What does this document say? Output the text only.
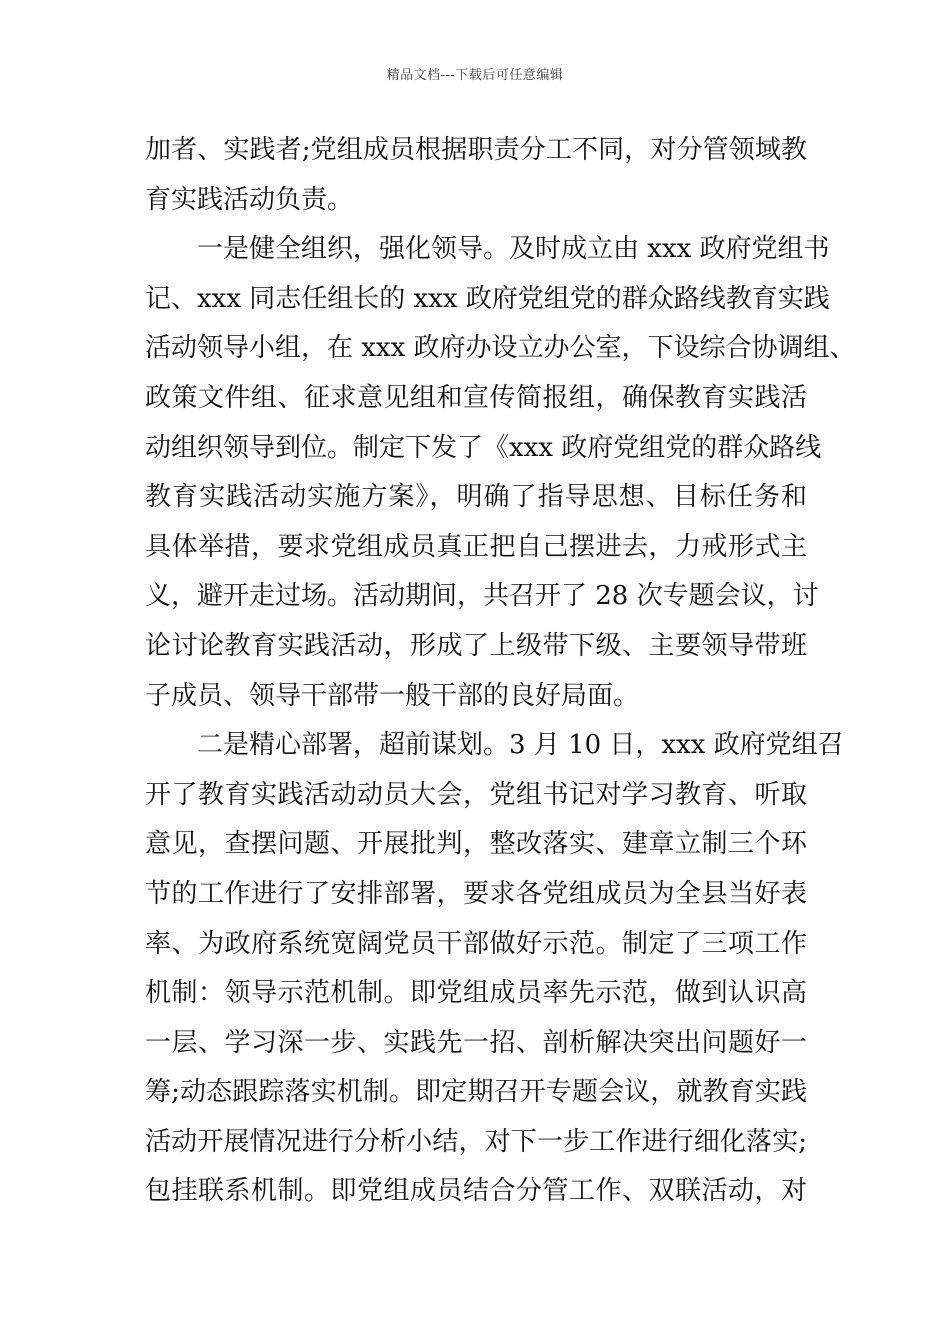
精品文档---下载后可任意编辑
加者、实践者;党组成员根据职责分工不同，对分管领域教
育实践活动负责。
一是健全组织，强化领导。及时成立由 xxx 政府党组书
记、xxx 同志任组长的 xxx 政府党组党的群众路线教育实践
活动领导小组，在 xxx 政府办设立办公室，下设综合协调组、
政策文件组、征求意见组和宣传简报组，确保教育实践活
动组织领导到位。制定下发了《xxx 政府党组党的群众路线
教育实践活动实施方案》，明确了指导思想、目标任务和
具体举措，要求党组成员真正把自己摆进去，力戒形式主
义，避开走过场。活动期间，共召开了 28 次专题会议，讨
论讨论教育实践活动，形成了上级带下级、主要领导带班
子成员、领导干部带一般干部的良好局面。
二是精心部署，超前谋划。3 月 10 日，xxx 政府党组召
开了教育实践活动动员大会，党组书记对学习教育、听取
意见，查摆问题、开展批判，整改落实、建章立制三个环
节的工作进行了安排部署，要求各党组成员为全县当好表
率、为政府系统宽阔党员干部做好示范。制定了三项工作
机制：领导示范机制。即党组成员率先示范，做到认识高
一层、学习深一步、实践先一招、剖析解决突出问题好一
筹;动态跟踪落实机制。即定期召开专题会议，就教育实践
活动开展情况进行分析小结，对下一步工作进行细化落实;
包挂联系机制。即党组成员结合分管工作、双联活动，对
